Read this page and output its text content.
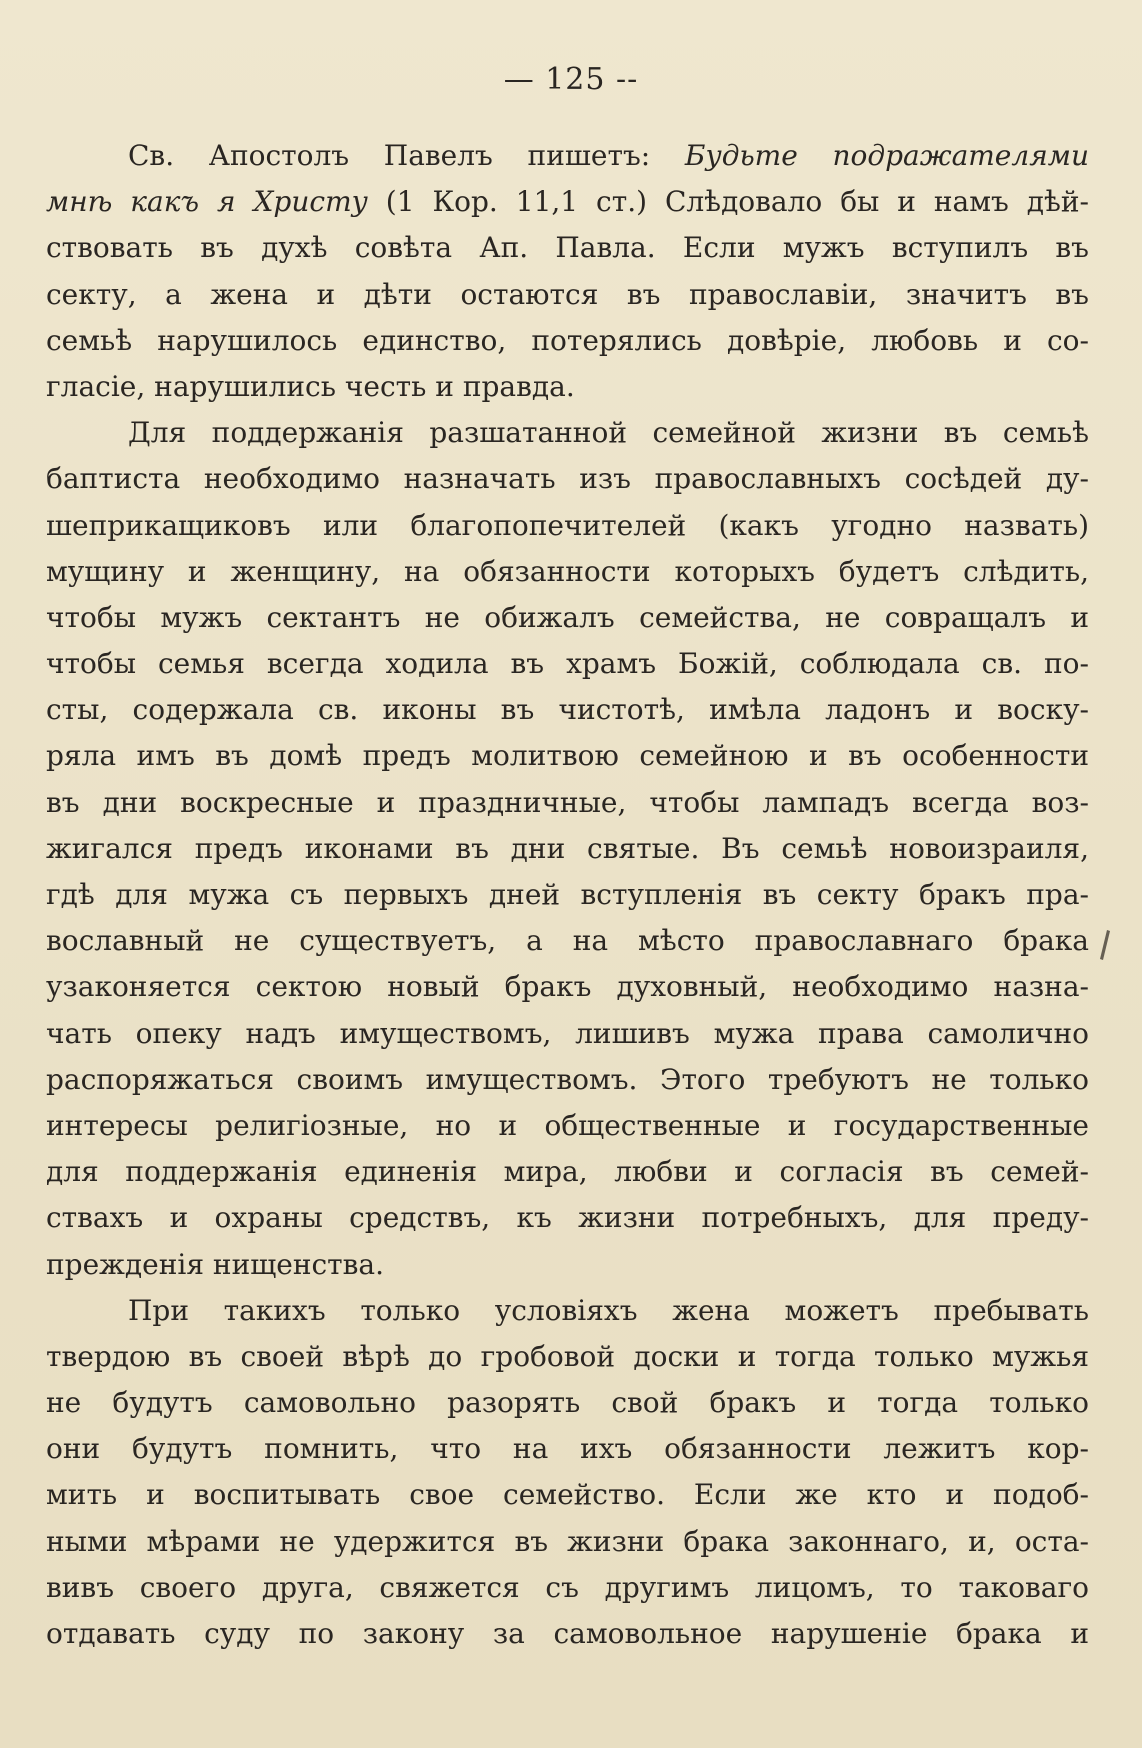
— 125 --
Св. Апостолъ Павелъ пишетъ: Будьте подражателями
мнѣ какъ я Христу (1 Кор. 11,1 ст.) Слѣдовало бы и намъ дѣй-
ствовать въ духѣ совѣта Ап. Павла. Если мужъ вступилъ въ
секту, а жена и дѣти остаются въ православіи, значитъ въ
семьѣ нарушилось единство, потерялись довѣріе, любовь и со-
гласіе, нарушились честь и правда.
Для поддержанія разшатанной семейной жизни въ семьѣ
баптиста необходимо назначать изъ православныхъ сосѣдей ду-
шеприкащиковъ или благопопечителей (какъ угодно назвать)
мущину и женщину, на обязанности которыхъ будетъ слѣдить,
чтобы мужъ сектантъ не обижалъ семейства, не совращалъ и
чтобы семья всегда ходила въ храмъ Божій, соблюдала св. по-
сты, содержала св. иконы въ чистотѣ, имѣла ладонъ и воску-
ряла имъ въ домѣ предъ молитвою семейною и въ особенности
въ дни воскресные и праздничные, чтобы лампадъ всегда воз-
жигался предъ иконами въ дни святые. Въ семьѣ новоизраиля,
гдѣ для мужа съ первыхъ дней вступленія въ секту бракъ пра-
вославный не существуетъ, а на мѣсто православнаго брака
узаконяется сектою новый бракъ духовный, необходимо назна-
чать опеку надъ имуществомъ, лишивъ мужа права самолично
распоряжаться своимъ имуществомъ. Этого требуютъ не только
интересы религіозные, но и общественные и государственные
для поддержанія единенія мира, любви и согласія въ семей-
ствахъ и охраны средствъ, къ жизни потребныхъ, для преду-
прежденія нищенства.
При такихъ только условіяхъ жена можетъ пребывать
твердою въ своей вѣрѣ до гробовой доски и тогда только мужья
не будутъ самовольно разорять свой бракъ и тогда только
они будутъ помнить, что на ихъ обязанности лежитъ кор-
мить и воспитывать свое семейство. Если же кто и подоб-
ными мѣрами не удержится въ жизни брака законнаго, и, оста-
вивъ своего друга, свяжется съ другимъ лицомъ, то таковаго
отдавать суду по закону за самовольное нарушеніе брака и
